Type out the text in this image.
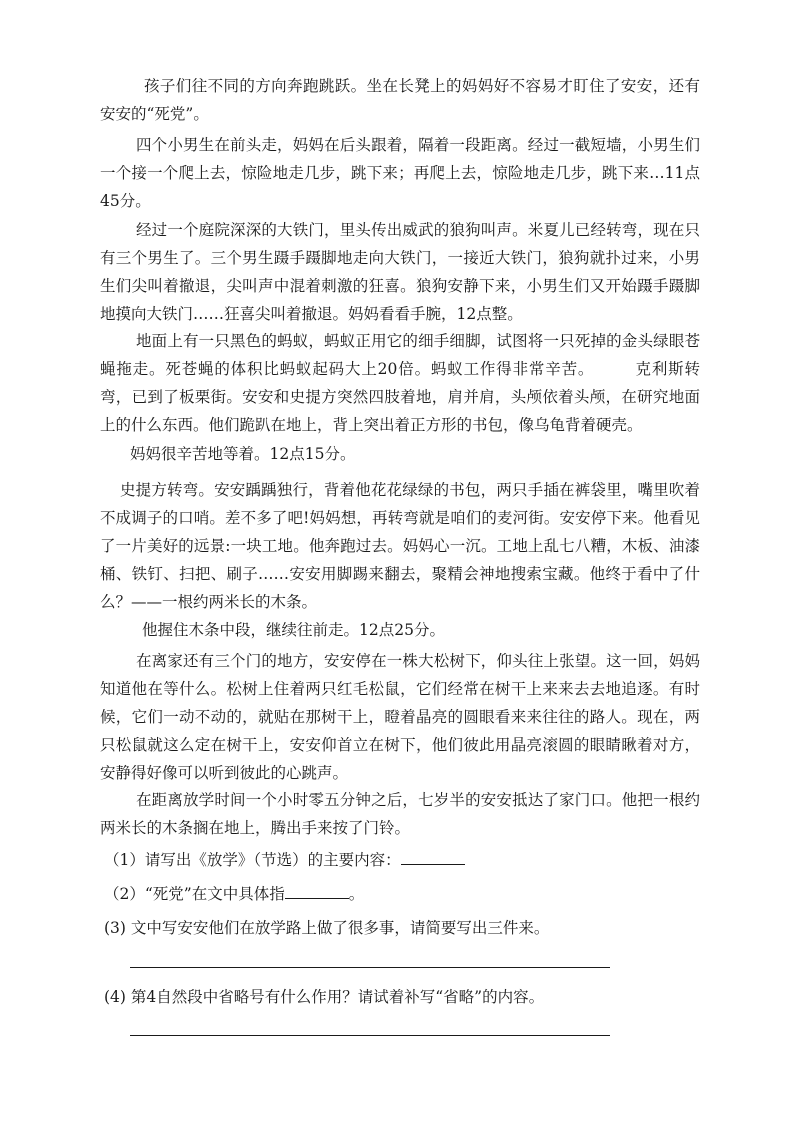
孩子们往不同的方向奔跑跳跃。坐在长凳上的妈妈好不容易才盯住了安安，还有安安的“死党”。

四个小男生在前头走，妈妈在后头跟着，隔着一段距离。经过一截短墙，小男生们一个接一个爬上去，惊险地走几步，跳下来；再爬上去，惊险地走几步，跳下来…11点45分。

经过一个庭院深深的大铁门，里头传出威武的狼狗叫声。米夏儿已经转弯，现在只有三个男生了。三个男生蹑手蹑脚地走向大铁门，一接近大铁门，狼狗就扑过来，小男生们尖叫着撤退，尖叫声中混着刺激的狂喜。狼狗安静下来，小男生们又开始蹑手蹑脚地摸向大铁门……狂喜尖叫着撤退。妈妈看看手腕，12点整。

地面上有一只黑色的蚂蚁，蚂蚁正用它的细手细脚，试图将一只死掉的金头绿眼苍蝇拖走。死苍蝇的体积比蚂蚁起码大上20倍。蚂蚁工作得非常辛苦。　　　克利斯转弯，已到了板栗街。安安和史提方突然四肢着地，肩并肩，头颅依着头颅，在研究地面上的什么东西。他们跪趴在地上，背上突出着正方形的书包，像乌龟背着硬壳。

妈妈很辛苦地等着。12点15分。

史提方转弯。安安踽踽独行，背着他花花绿绿的书包，两只手插在裤袋里，嘴里吹着不成调子的口哨。差不多了吧!妈妈想，再转弯就是咱们的麦河街。安安停下来。他看见了一片美好的远景:一块工地。他奔跑过去。妈妈心一沉。工地上乱七八糟，木板、油漆桶、铁钉、扫把、刷子……安安用脚踢来翻去，聚精会神地搜索宝藏。他终于看中了什么？——一根约两米长的木条。

他握住木条中段，继续往前走。12点25分。

在离家还有三个门的地方，安安停在一株大松树下，仰头往上张望。这一回，妈妈知道他在等什么。松树上住着两只红毛松鼠，它们经常在树干上来来去去地追逐。有时候，它们一动不动的，就贴在那树干上，瞪着晶亮的圆眼看来来往往的路人。现在，两只松鼠就这么定在树干上，安安仰首立在树下，他们彼此用晶亮滚圆的眼睛瞅着对方，安静得好像可以听到彼此的心跳声。

在距离放学时间一个小时零五分钟之后，七岁半的安安抵达了家门口。他把一根约两米长的木条搁在地上，腾出手来按了门铃。

（1）请写出《放学》（节选）的主要内容：
（2）“死党”在文中具体指	。
(3) 文中写安安他们在放学路上做了很多事，请简要写出三件来。
(4) 第4自然段中省略号有什么作用？请试着补写“省略”的内容。
